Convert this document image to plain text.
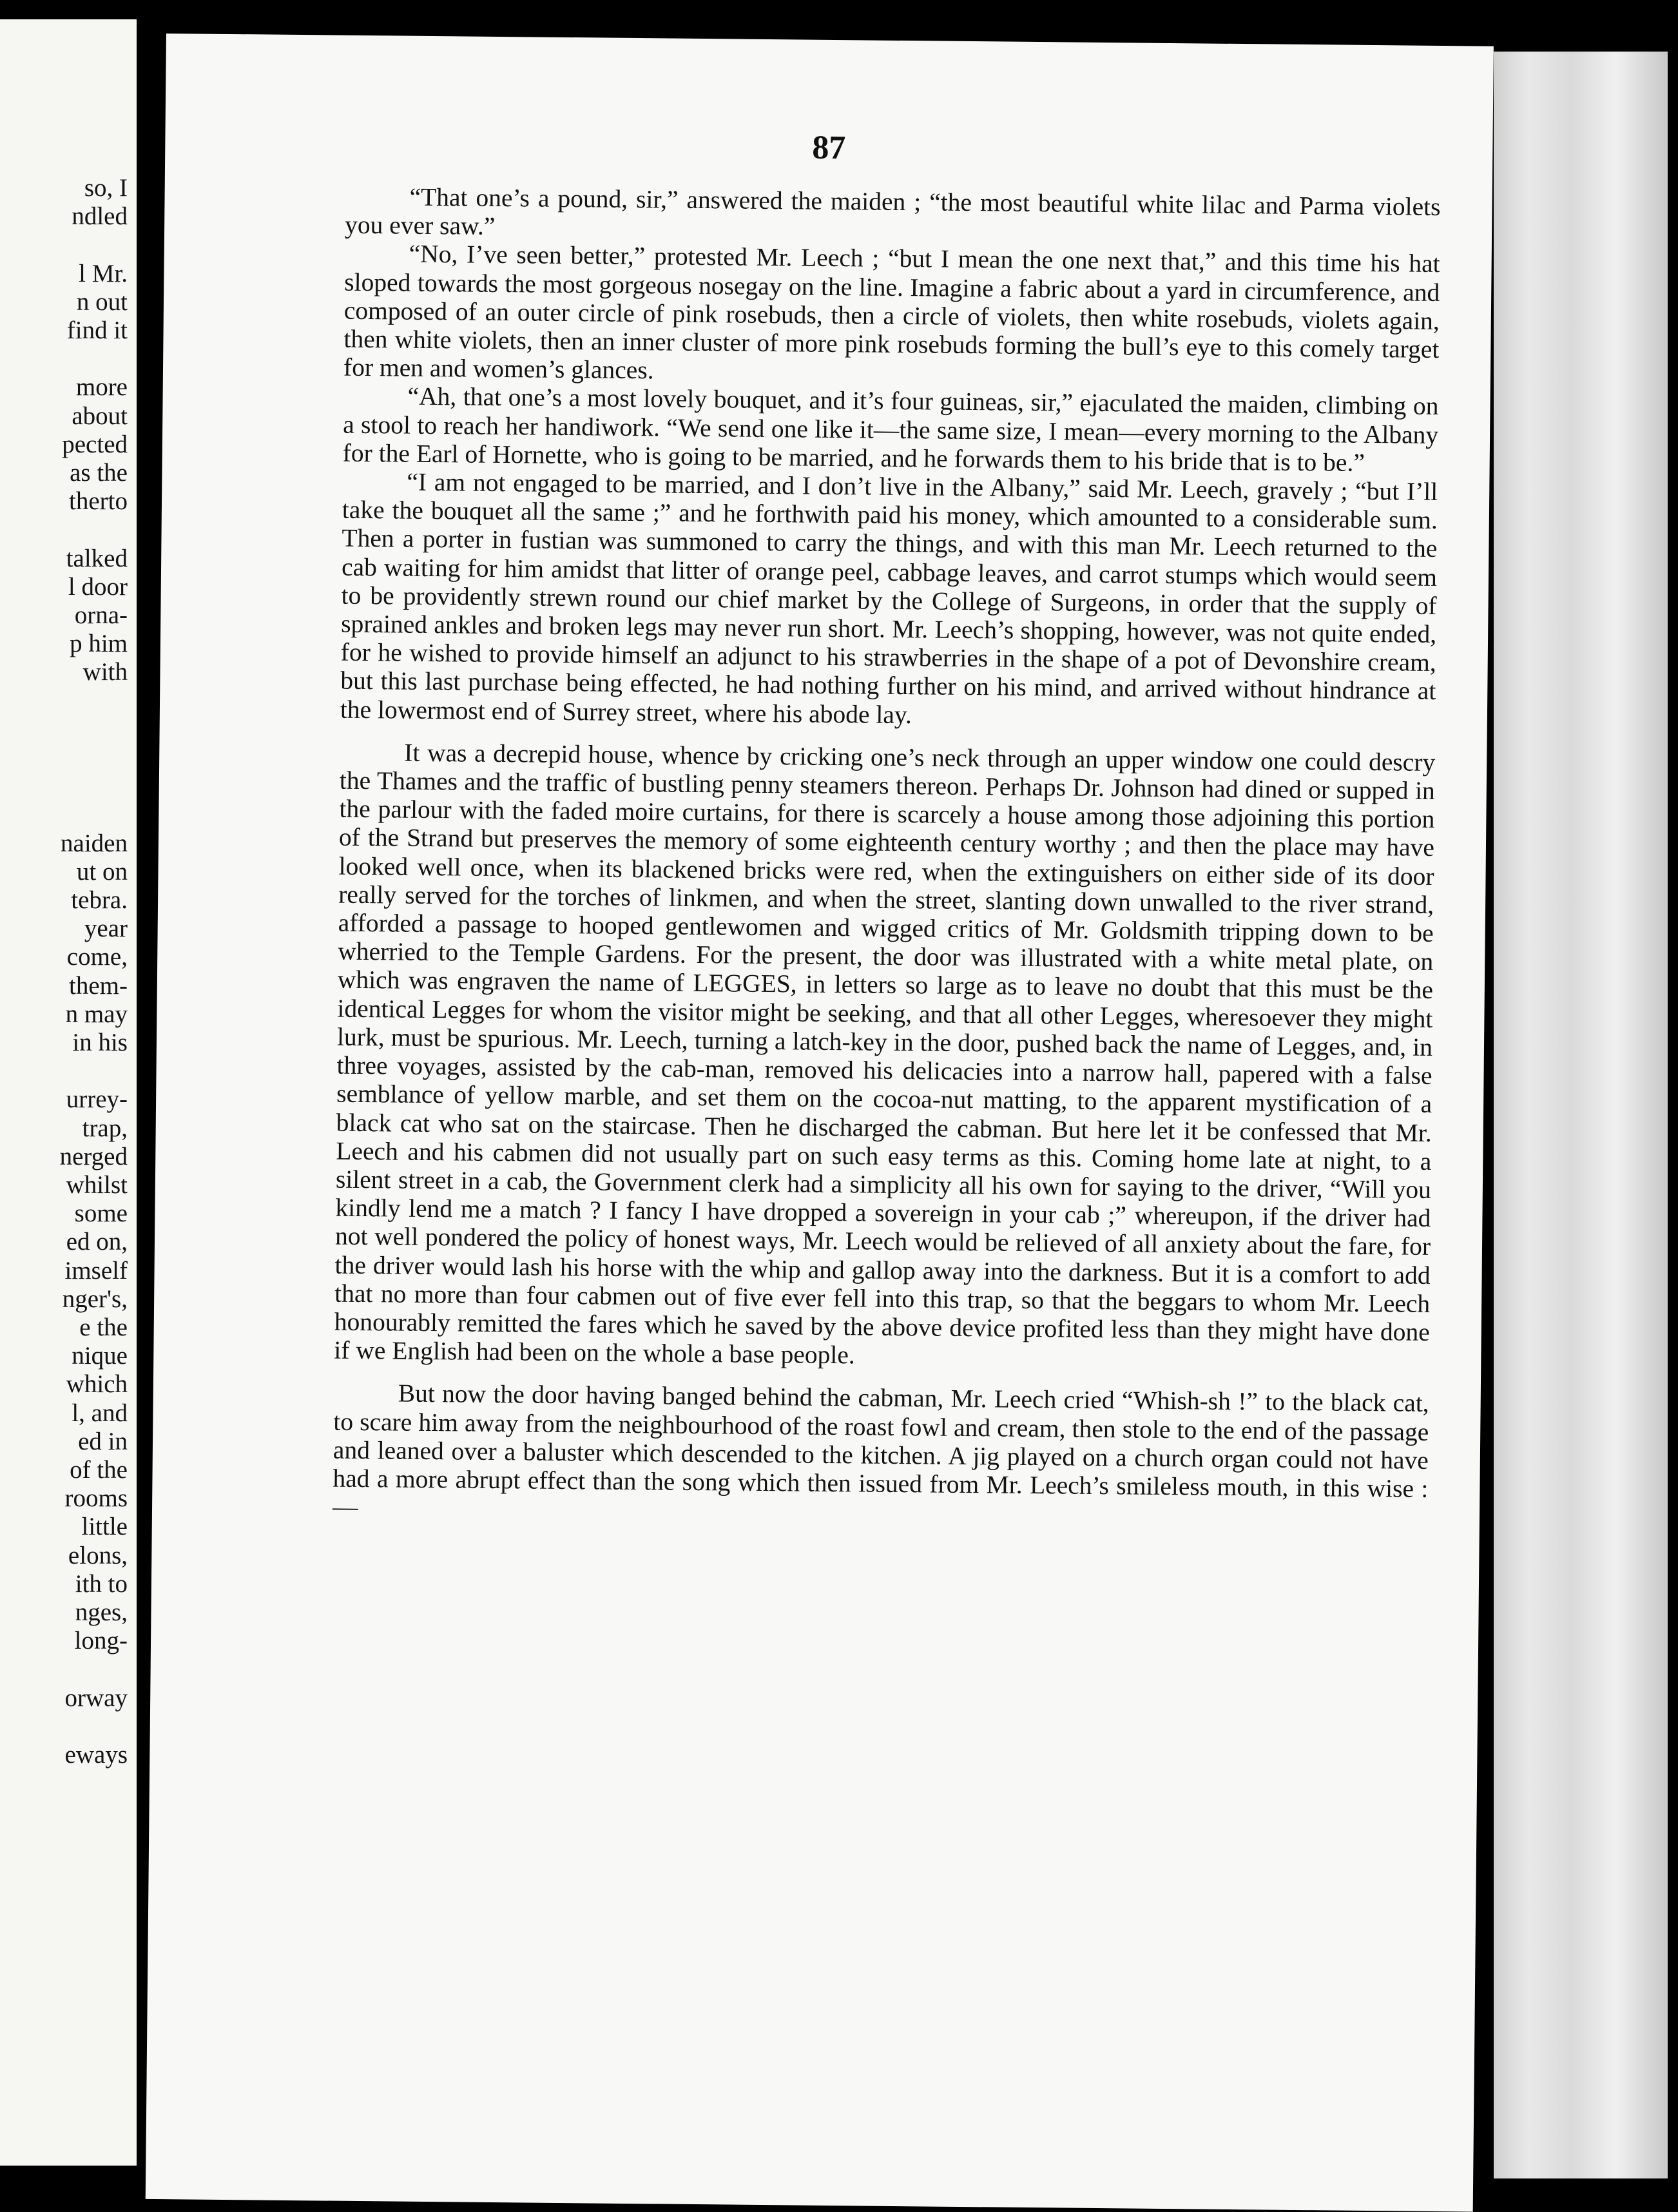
so, I
ndled
l Mr.
n out
find it
more
about
pected
as the
therto
talked
l door
orna-
p him
with
naiden
ut on
tebra.
year
come,
them-
n may
in his
urrey-
trap,
nerged
whilst
some
ed on,
imself
nger's,
e the
nique
which
l, and
ed in
of the
rooms
little
elons,
ith to
nges,
long-
orway
eways
87

“That one’s a pound, sir,” answered the maiden ; “the most beautiful white lilac and Parma violets you ever saw.”

“No, I’ve seen better,” protested Mr. Leech ; “but I mean the one next that,” and this time his hat sloped towards the most gorgeous nosegay on the line. Imagine a fabric about a yard in circumference, and composed of an outer circle of pink rosebuds, then a circle of violets, then white rosebuds, violets again, then white violets, then an inner cluster of more pink rosebuds forming the bull’s eye to this comely target for men and women’s glances.

“Ah, that one’s a most lovely bouquet, and it’s four guineas, sir,” ejaculated the maiden, climbing on a stool to reach her handiwork. “We send one like it—the same size, I mean—every morning to the Albany for the Earl of Hornette, who is going to be married, and he forwards them to his bride that is to be.”

“I am not engaged to be married, and I don’t live in the Albany,” said Mr. Leech, gravely ; “but I’ll take the bouquet all the same ;” and he forthwith paid his money, which amounted to a considerable sum. Then a porter in fustian was summoned to carry the things, and with this man Mr. Leech returned to the cab waiting for him amidst that litter of orange peel, cabbage leaves, and carrot stumps which would seem to be providently strewn round our chief market by the College of Surgeons, in order that the supply of sprained ankles and broken legs may never run short. Mr. Leech’s shopping, however, was not quite ended, for he wished to provide himself an adjunct to his strawberries in the shape of a pot of Devonshire cream, but this last purchase being effected, he had nothing further on his mind, and arrived without hindrance at the lowermost end of Surrey street, where his abode lay.

It was a decrepid house, whence by cricking one’s neck through an upper window one could descry the Thames and the traffic of bustling penny steamers thereon. Perhaps Dr. Johnson had dined or supped in the parlour with the faded moire curtains, for there is scarcely a house among those adjoining this portion of the Strand but preserves the memory of some eighteenth century worthy ; and then the place may have looked well once, when its blackened bricks were red, when the extinguishers on either side of its door really served for the torches of linkmen, and when the street, slanting down unwalled to the river strand, afforded a passage to hooped gentlewomen and wigged critics of Mr. Goldsmith tripping down to be wherried to the Temple Gardens. For the present, the door was illustrated with a white metal plate, on which was engraven the name of LEGGES, in letters so large as to leave no doubt that this must be the identical Legges for whom the visitor might be seeking, and that all other Legges, wheresoever they might lurk, must be spurious. Mr. Leech, turning a latch-key in the door, pushed back the name of Legges, and, in three voyages, assisted by the cab-man, removed his delicacies into a narrow hall, papered with a false semblance of yellow marble, and set them on the cocoa-nut matting, to the apparent mystification of a black cat who sat on the staircase. Then he discharged the cabman. But here let it be confessed that Mr. Leech and his cabmen did not usually part on such easy terms as this. Coming home late at night, to a silent street in a cab, the Government clerk had a simplicity all his own for saying to the driver, “Will you kindly lend me a match ? I fancy I have dropped a sovereign in your cab ;” whereupon, if the driver had not well pondered the policy of honest ways, Mr. Leech would be relieved of all anxiety about the fare, for the driver would lash his horse with the whip and gallop away into the darkness. But it is a comfort to add that no more than four cabmen out of five ever fell into this trap, so that the beggars to whom Mr. Leech honourably remitted the fares which he saved by the above device profited less than they might have done if we English had been on the whole a base people.

But now the door having banged behind the cabman, Mr. Leech cried “Whish-sh !” to the black cat, to scare him away from the neighbourhood of the roast fowl and cream, then stole to the end of the passage and leaned over a baluster which descended to the kitchen. A jig played on a church organ could not have had a more abrupt effect than the song which then issued from Mr. Leech’s smileless mouth, in this wise :—
